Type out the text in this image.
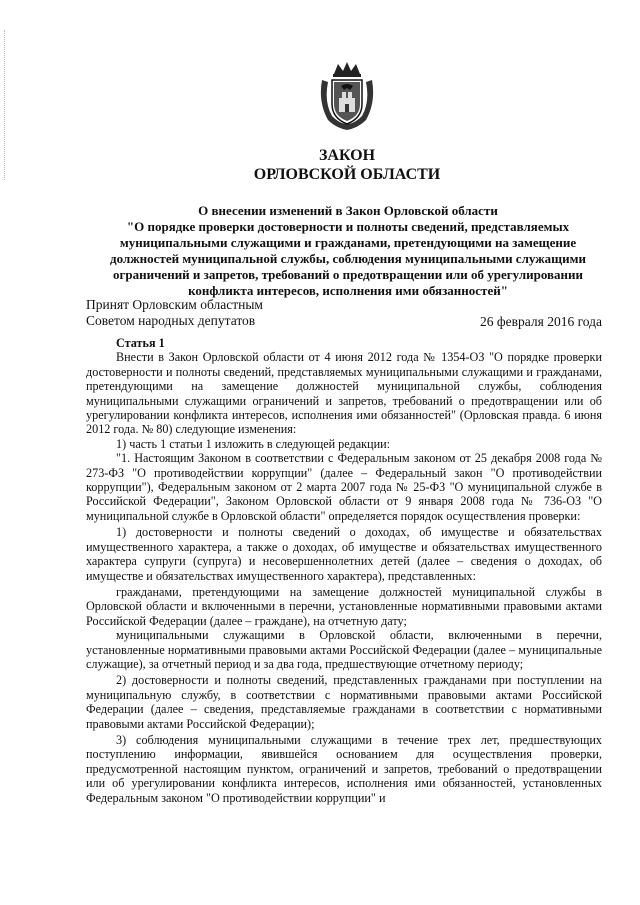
ЗАКОН
ОРЛОВСКОЙ ОБЛАСТИ
О внесении изменений в Закон Орловской области
"О порядке проверки достоверности и полноты сведений, представляемых муниципальными служащими и гражданами, претендующими на замещение должностей муниципальной службы, соблюдения муниципальными служащими ограничений и запретов, требований о предотвращении или об урегулировании конфликта интересов, исполнения ими обязанностей"
Принят Орловским областным
Советом народных депутатов	26 февраля 2016 года

Статья 1

Внести в Закон Орловской области от 4 июня 2012 года № 1354-ОЗ "О порядке проверки достоверности и полноты сведений, представляемых муниципальными служащими и гражданами, претендующими на замещение должностей муниципальной службы, соблюдения муниципальными служащими ограничений и запретов, требований о предотвращении или об урегулировании конфликта интересов, исполнения ими обязанностей" (Орловская правда. 6 июня 2012 года. № 80) следующие изменения:

1) часть 1 статьи 1 изложить в следующей редакции:

"1. Настоящим Законом в соответствии с Федеральным законом от 25 декабря 2008 года № 273-ФЗ "О противодействии коррупции" (далее – Федеральный закон "О противодействии коррупции"), Федеральным законом от 2 марта 2007 года № 25-ФЗ "О муниципальной службе в Российской Федерации", Законом Орловской области от 9 января 2008 года № 736-ОЗ "О муниципальной службе в Орловской области" определяется порядок осуществления проверки:

1) достоверности и полноты сведений о доходах, об имуществе и обязательствах имущественного характера, а также о доходах, об имуществе и обязательствах имущественного характера супруги (супруга) и несовершеннолетних детей (далее – сведения о доходах, об имуществе и обязательствах имущественного характера), представленных:

гражданами, претендующими на замещение должностей муниципальной службы в Орловской области и включенными в перечни, установленные нормативными правовыми актами Российской Федерации (далее – граждане), на отчетную дату;

муниципальными служащими в Орловской области, включенными в перечни, установленные нормативными правовыми актами Российской Федерации (далее – муниципальные служащие), за отчетный период и за два года, предшествующие отчетному периоду;

2) достоверности и полноты сведений, представленных гражданами при поступлении на муниципальную службу, в соответствии с нормативными правовыми актами Российской Федерации (далее – сведения, представляемые гражданами в соответствии с нормативными правовыми актами Российской Федерации);

3) соблюдения муниципальными служащими в течение трех лет, предшествующих поступлению информации, явившейся основанием для осуществления проверки, предусмотренной настоящим пунктом, ограничений и запретов, требований о предотвращении или об урегулировании конфликта интересов, исполнения ими обязанностей, установленных Федеральным законом "О противодействии коррупции" и
